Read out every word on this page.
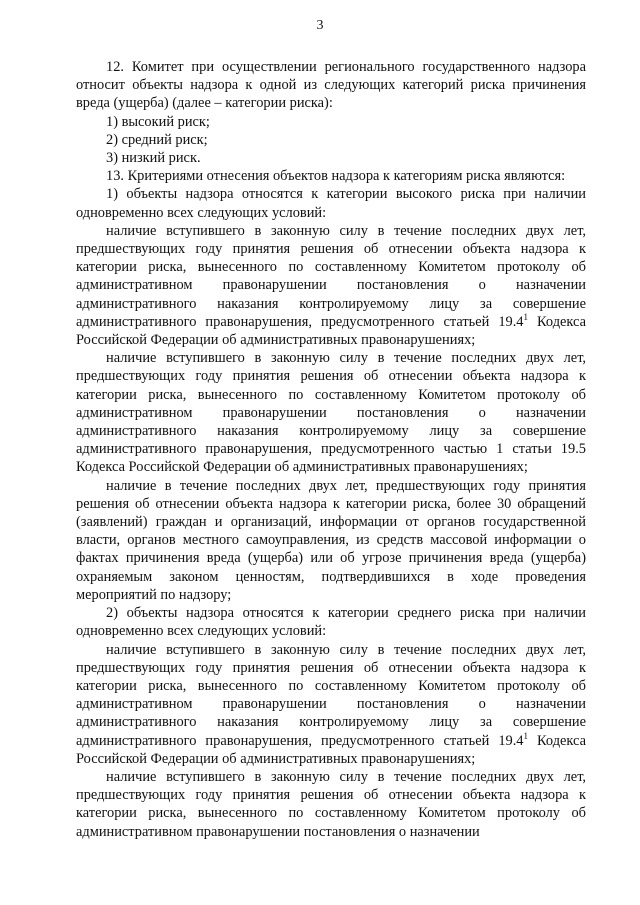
3

12. Комитет при осуществлении регионального государственного надзора относит объекты надзора к одной из следующих категорий риска причинения вреда (ущерба) (далее – категории риска):

1) высокий риск;

2) средний риск;

3) низкий риск.

13. Критериями отнесения объектов надзора к категориям риска являются:

1) объекты надзора относятся к категории высокого риска при наличии одновременно всех следующих условий:

наличие вступившего в законную силу в течение последних двух лет, предшествующих году принятия решения об отнесении объекта надзора к категории риска, вынесенного по составленному Комитетом протоколу об административном правонарушении постановления о назначении административного наказания контролируемому лицу за совершение административного правонарушения, предусмотренного статьей 19.4$^1$ Кодекса Российской Федерации об административных правонарушениях;

наличие вступившего в законную силу в течение последних двух лет, предшествующих году принятия решения об отнесении объекта надзора к категории риска, вынесенного по составленному Комитетом протоколу об административном правонарушении постановления о назначении административного наказания контролируемому лицу за совершение административного правонарушения, предусмотренного частью 1 статьи 19.5 Кодекса Российской Федерации об административных правонарушениях;

наличие в течение последних двух лет, предшествующих году принятия решения об отнесении объекта надзора к категории риска, более 30 обращений (заявлений) граждан и организаций, информации от органов государственной власти, органов местного самоуправления, из средств массовой информации о фактах причинения вреда (ущерба) или об угрозе причинения вреда (ущерба) охраняемым законом ценностям, подтвердившихся в ходе проведения мероприятий по надзору;

2) объекты надзора относятся к категории среднего риска при наличии одновременно всех следующих условий:

наличие вступившего в законную силу в течение последних двух лет, предшествующих году принятия решения об отнесении объекта надзора к категории риска, вынесенного по составленному Комитетом протоколу об административном правонарушении постановления о назначении административного наказания контролируемому лицу за совершение административного правонарушения, предусмотренного статьей 19.4$^1$ Кодекса Российской Федерации об административных правонарушениях;

наличие вступившего в законную силу в течение последних двух лет, предшествующих году принятия решения об отнесении объекта надзора к категории риска, вынесенного по составленному Комитетом протоколу об административном правонарушении постановления о назначении
